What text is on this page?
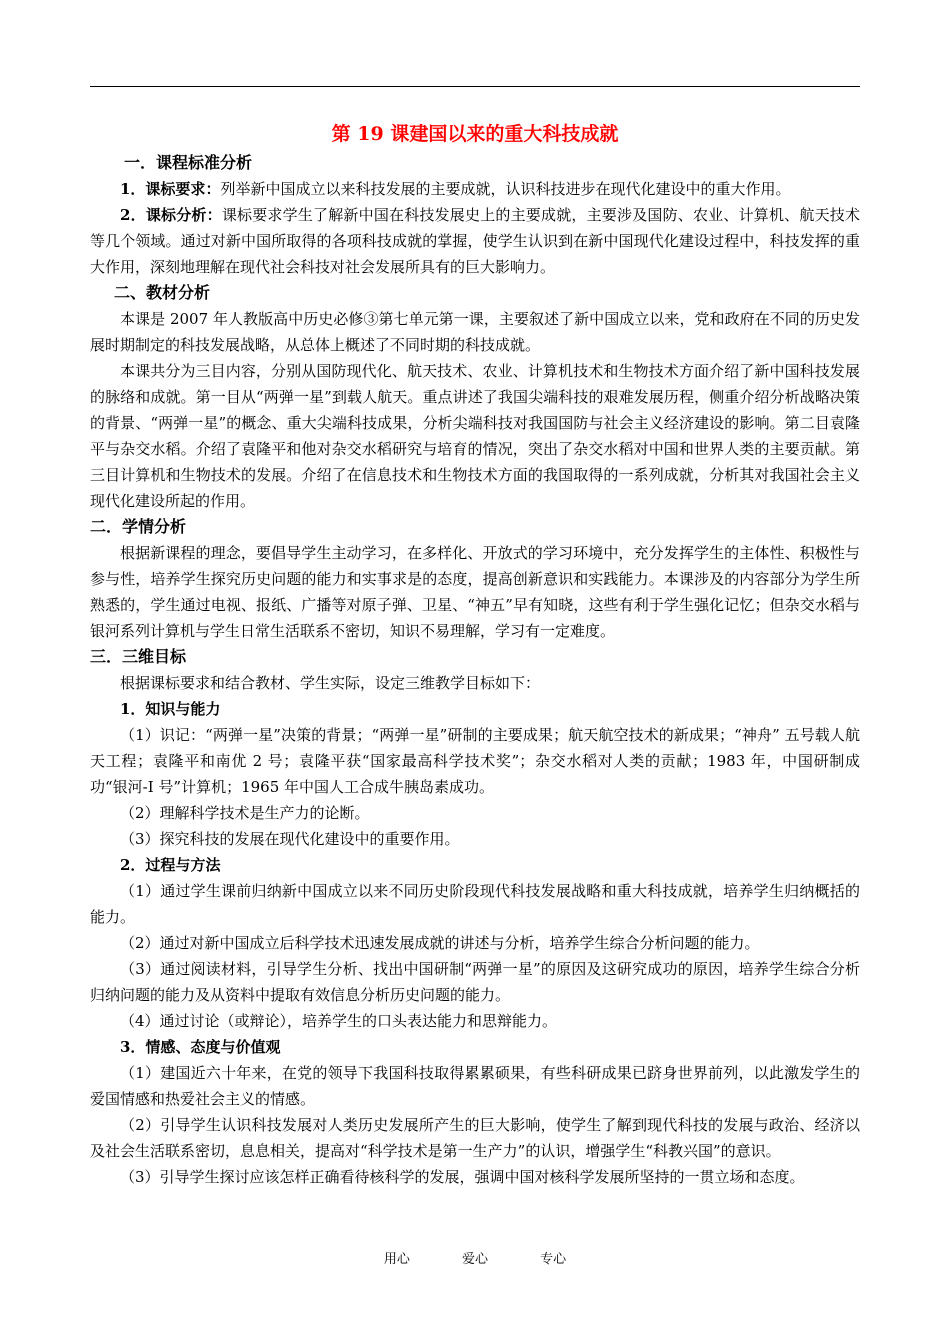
第 19 课建国以来的重大科技成就

一．课程标准分析

1．课标要求：列举新中国成立以来科技发展的主要成就，认识科技进步在现代化建设中的重大作用。

2．课标分析：课标要求学生了解新中国在科技发展史上的主要成就，主要涉及国防、农业、计算机、航天技术等几个领域。通过对新中国所取得的各项科技成就的掌握，使学生认识到在新中国现代化建设过程中，科技发挥的重大作用，深刻地理解在现代社会科技对社会发展所具有的巨大影响力。

二、教材分析

本课是 2007 年人教版高中历史必修③第七单元第一课，主要叙述了新中国成立以来，党和政府在不同的历史发展时期制定的科技发展战略，从总体上概述了不同时期的科技成就。

本课共分为三目内容，分别从国防现代化、航天技术、农业、计算机技术和生物技术方面介绍了新中国科技发展的脉络和成就。第一目从“两弹一星”到载人航天。重点讲述了我国尖端科技的艰难发展历程，侧重介绍分析战略决策的背景、“两弹一星”的概念、重大尖端科技成果，分析尖端科技对我国国防与社会主义经济建设的影响。第二目袁隆平与杂交水稻。介绍了袁隆平和他对杂交水稻研究与培育的情况，突出了杂交水稻对中国和世界人类的主要贡献。第三目计算机和生物技术的发展。介绍了在信息技术和生物技术方面的我国取得的一系列成就，分析其对我国社会主义现代化建设所起的作用。

二．学情分析

根据新课程的理念，要倡导学生主动学习，在多样化、开放式的学习环境中，充分发挥学生的主体性、积极性与参与性，培养学生探究历史问题的能力和实事求是的态度，提高创新意识和实践能力。本课涉及的内容部分为学生所熟悉的，学生通过电视、报纸、广播等对原子弹、卫星、“神五”早有知晓，这些有利于学生强化记忆；但杂交水稻与银河系列计算机与学生日常生活联系不密切，知识不易理解，学习有一定难度。

三．三维目标

根据课标要求和结合教材、学生实际，设定三维教学目标如下：

1．知识与能力

（1）识记：“两弹一星”决策的背景；“两弹一星”研制的主要成果；航天航空技术的新成果；“神舟” 五号载人航天工程；袁隆平和南优 2 号；袁隆平获“国家最高科学技术奖”；杂交水稻对人类的贡献；1983 年，中国研制成功“银河-Ⅰ 号”计算机；1965 年中国人工合成牛胰岛素成功。

（2）理解科学技术是生产力的论断。

（3）探究科技的发展在现代化建设中的重要作用。

2．过程与方法

（1）通过学生课前归纳新中国成立以来不同历史阶段现代科技发展战略和重大科技成就，培养学生归纳概括的能力。

（2）通过对新中国成立后科学技术迅速发展成就的讲述与分析，培养学生综合分析问题的能力。

（3）通过阅读材料，引导学生分析、找出中国研制“两弹一星”的原因及这研究成功的原因，培养学生综合分析归纳问题的能力及从资料中提取有效信息分析历史问题的能力。

（4）通过讨论（或辩论），培养学生的口头表达能力和思辩能力。

3．情感、态度与价值观

（1）建国近六十年来，在党的领导下我国科技取得累累硕果，有些科研成果已跻身世界前列，以此激发学生的爱国情感和热爱社会主义的情感。

（2）引导学生认识科技发展对人类历史发展所产生的巨大影响，使学生了解到现代科技的发展与政治、经济以及社会生活联系密切，息息相关，提高对“科学技术是第一生产力”的认识，增强学生“科教兴国”的意识。

（3）引导学生探讨应该怎样正确看待核科学的发展，强调中国对核科学发展所坚持的一贯立场和态度。

用心	爱心	专心
